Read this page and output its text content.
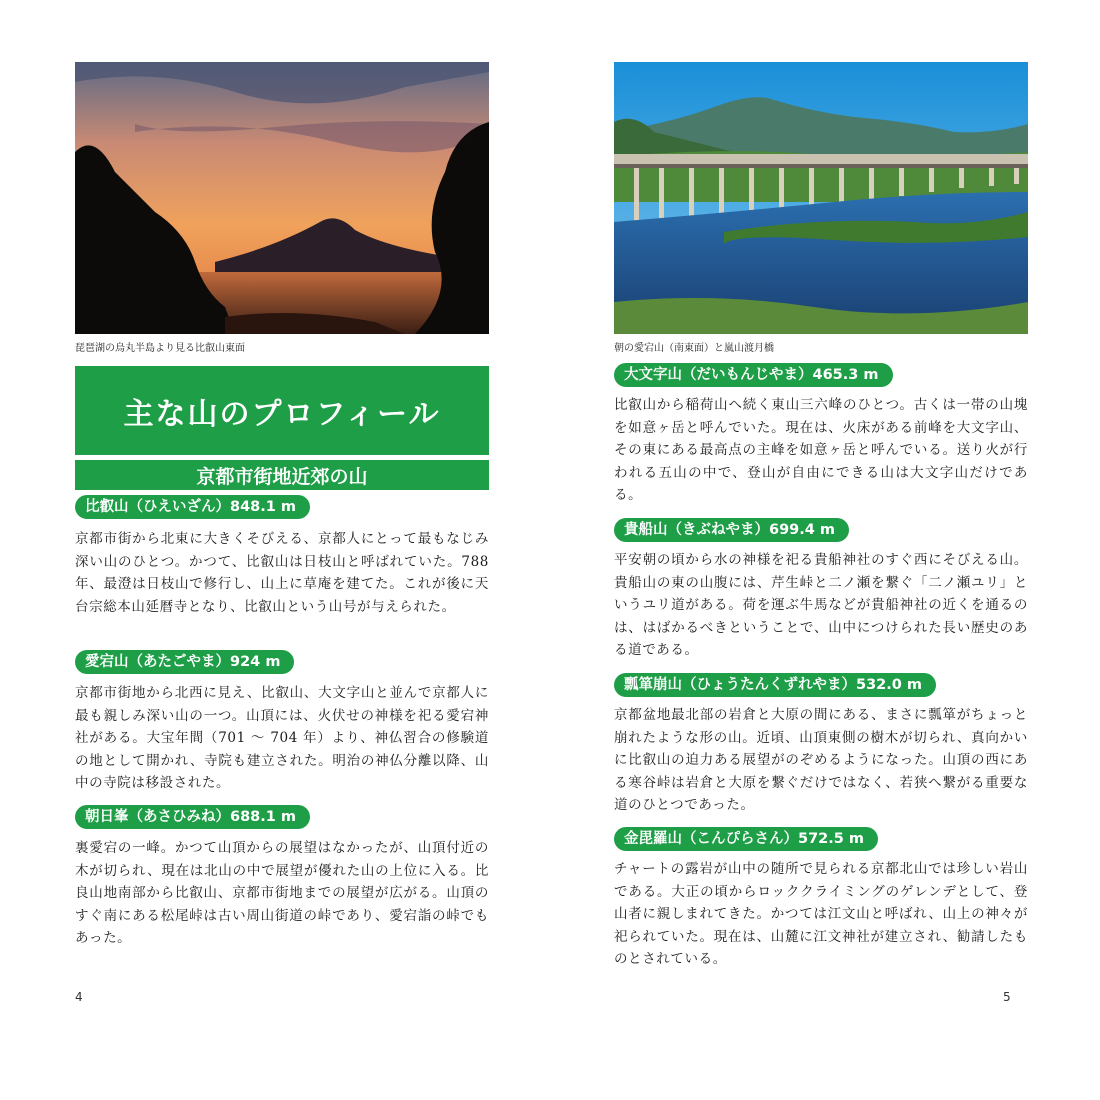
琵琶湖の烏丸半島より見る比叡山東面
主な山のプロフィール
京都市街地近郊の山
比叡山（ひえいざん）848.1 m

京都市街から北東に大きくそびえる、京都人にとって最もなじみ深い山のひとつ。かつて、比叡山は日枝山と呼ばれていた。788 年、最澄は日枝山で修行し、山上に草庵を建てた。これが後に天台宗総本山延暦寺となり、比叡山という山号が与えられた。

愛宕山（あたごやま）924 m

京都市街地から北西に見え、比叡山、大文字山と並んで京都人に最も親しみ深い山の一つ。山頂には、火伏せの神様を祀る愛宕神社がある。大宝年間（701 ～ 704 年）より、神仏習合の修験道の地として開かれ、寺院も建立された。明治の神仏分離以降、山中の寺院は移設された。

朝日峯（あさひみね）688.1 m

裏愛宕の一峰。かつて山頂からの展望はなかったが、山頂付近の木が切られ、現在は北山の中で展望が優れた山の上位に入る。比良山地南部から比叡山、京都市街地までの展望が広がる。山頂のすぐ南にある松尾峠は古い周山街道の峠であり、愛宕詣の峠でもあった。

4
朝の愛宕山（南東面）と嵐山渡月橋
大文字山（だいもんじやま）465.3 m

比叡山から稲荷山へ続く東山三六峰のひとつ。古くは一帯の山塊を如意ヶ岳と呼んでいた。現在は、火床がある前峰を大文字山、その東にある最高点の主峰を如意ヶ岳と呼んでいる。送り火が行われる五山の中で、登山が自由にできる山は大文字山だけである。

貴船山（きぶねやま）699.4 m

平安朝の頃から水の神様を祀る貴船神社のすぐ西にそびえる山。貴船山の東の山腹には、芹生峠と二ノ瀬を繋ぐ「二ノ瀬ユリ」というユリ道がある。荷を運ぶ牛馬などが貴船神社の近くを通るのは、はばかるべきということで、山中につけられた長い歴史のある道である。

瓢箪崩山（ひょうたんくずれやま）532.0 m

京都盆地最北部の岩倉と大原の間にある、まさに瓢箪がちょっと崩れたような形の山。近頃、山頂東側の樹木が切られ、真向かいに比叡山の迫力ある展望がのぞめるようになった。山頂の西にある寒谷峠は岩倉と大原を繋ぐだけではなく、若狭へ繋がる重要な道のひとつであった。

金毘羅山（こんぴらさん）572.5 m

チャートの露岩が山中の随所で見られる京都北山では珍しい岩山である。大正の頃からロッククライミングのゲレンデとして、登山者に親しまれてきた。かつては江文山と呼ばれ、山上の神々が祀られていた。現在は、山麓に江文神社が建立され、勧請したものとされている。

5
